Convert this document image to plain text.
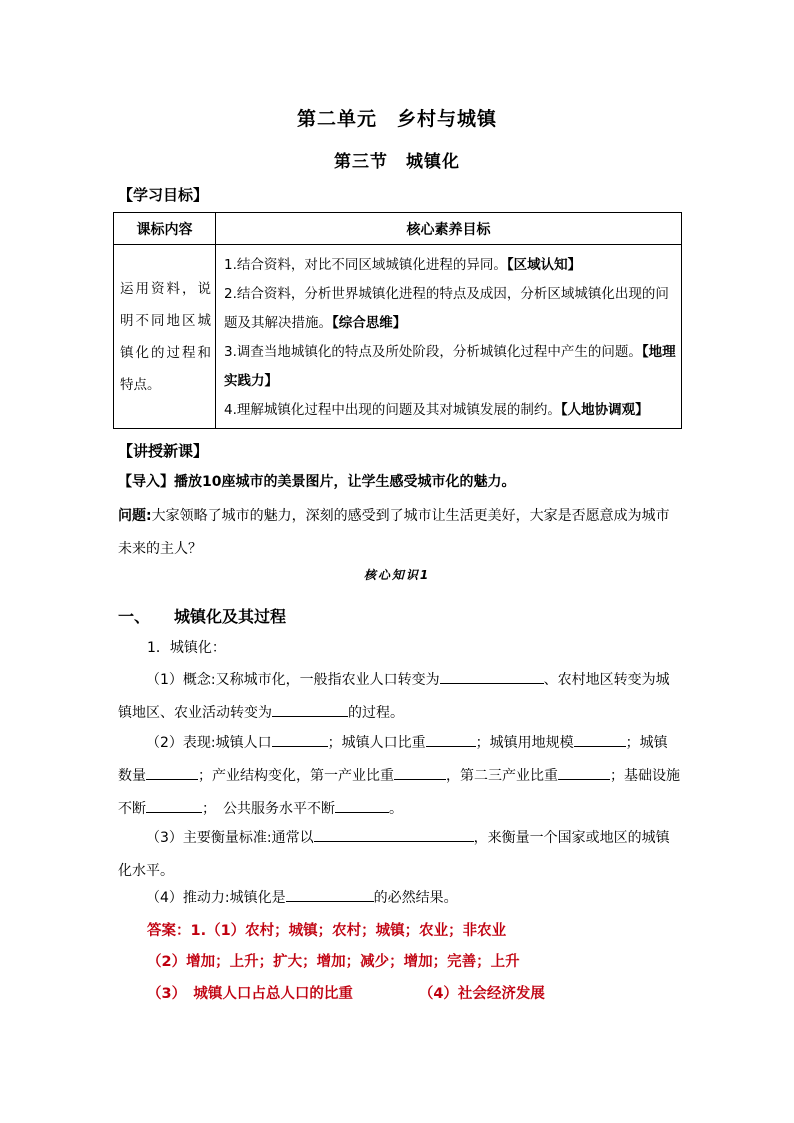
第二单元　乡村与城镇
第三节　城镇化
【学习目标】
课标内容	核心素养目标
运用资料，说明不同地区城镇化的过程和特点。	1.结合资料，对比不同区域城镇化进程的异同。【区域认知】
2.结合资料，分析世界城镇化进程的特点及成因，分析区域城镇化出现的问题及其解决措施。【综合思维】
3.调查当地城镇化的特点及所处阶段，分析城镇化过程中产生的问题。【地理实践力】
4.理解城镇化过程中出现的问题及其对城镇发展的制约。【人地协调观】
【讲授新课】
【导入】播放10座城市的美景图片，让学生感受城市化的魅力。
问题:大家领略了城市的魅力，深刻的感受到了城市让生活更美好，大家是否愿意成为城市未来的主人？
核心知识1
一、 城镇化及其过程
1．城镇化：
（1）概念:又称城市化，一般指农业人口转变为	、农村地区转变为城镇地区、农业活动转变为	的过程。
（2）表现:城镇人口	；城镇人口比重	；城镇用地规模	；城镇数量	；产业结构变化，第一产业比重	，第二三产业比重	；基础设施不断	；　公共服务水平不断	。
（3）主要衡量标准:通常以	，来衡量一个国家或地区的城镇化水平。
（4）推动力:城镇化是	的必然结果。
答案：1.（1）农村；城镇；农村；城镇；农业；非农业
（2）增加；上升；扩大；增加；减少；增加；完善；上升
（3）　城镇人口占总人口的比重	（4）社会经济发展
